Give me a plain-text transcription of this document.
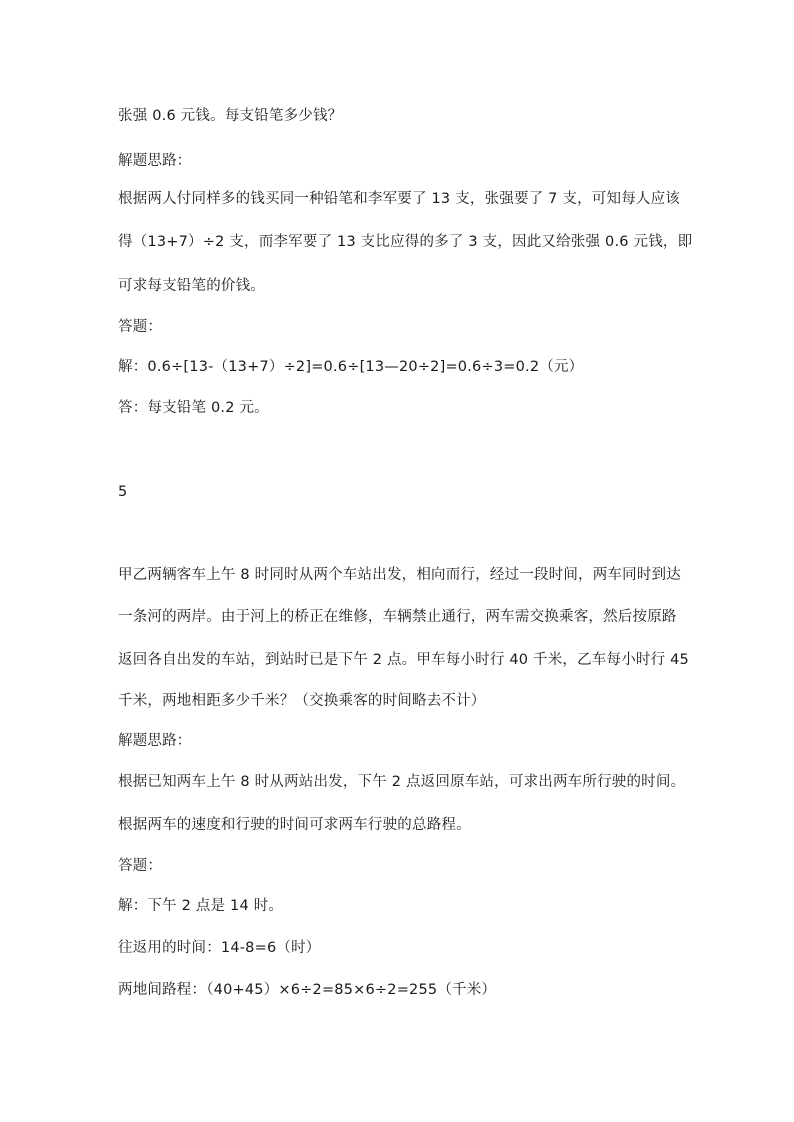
张强 0.6 元钱。每支铅笔多少钱？
解题思路：
根据两人付同样多的钱买同一种铅笔和李军要了 13 支，张强要了 7 支，可知每人应该
得（13+7）÷2 支，而李军要了 13 支比应得的多了 3 支，因此又给张强 0.6 元钱，即
可求每支铅笔的价钱。
答题：
解：0.6÷[13-（13+7）÷2]=0.6÷[13—20÷2]=0.6÷3=0.2（元）
答：每支铅笔 0.2 元。
5
甲乙两辆客车上午 8 时同时从两个车站出发，相向而行，经过一段时间，两车同时到达
一条河的两岸。由于河上的桥正在维修，车辆禁止通行，两车需交换乘客，然后按原路
返回各自出发的车站，到站时已是下午 2 点。甲车每小时行 40 千米，乙车每小时行 45
千米，两地相距多少千米？（交换乘客的时间略去不计）
解题思路：
根据已知两车上午 8 时从两站出发，下午 2 点返回原车站，可求出两车所行驶的时间。
根据两车的速度和行驶的时间可求两车行驶的总路程。
答题：
解：下午 2 点是 14 时。
往返用的时间：14-8=6（时）
两地间路程：（40+45）×6÷2=85×6÷2=255（千米）
